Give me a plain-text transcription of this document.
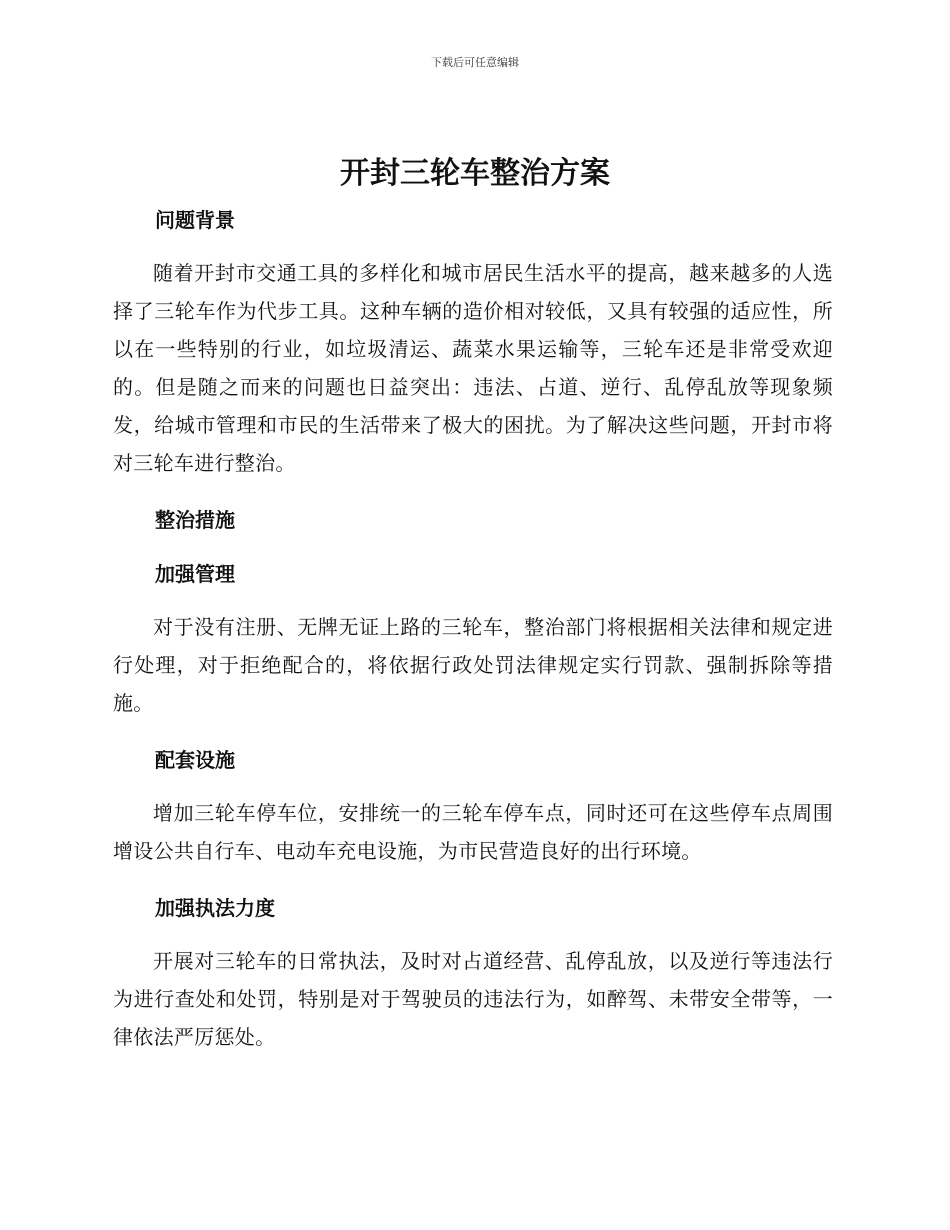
下载后可任意编辑
开封三轮车整治方案
问题背景

随着开封市交通工具的多样化和城市居民生活水平的提高，越来越多的人选择了三轮车作为代步工具。这种车辆的造价相对较低，又具有较强的适应性，所以在一些特别的行业，如垃圾清运、蔬菜水果运输等，三轮车还是非常受欢迎的。但是随之而来的问题也日益突出：违法、占道、逆行、乱停乱放等现象频发，给城市管理和市民的生活带来了极大的困扰。为了解决这些问题，开封市将对三轮车进行整治。

整治措施
加强管理

对于没有注册、无牌无证上路的三轮车，整治部门将根据相关法律和规定进行处理，对于拒绝配合的，将依据行政处罚法律规定实行罚款、强制拆除等措施。

配套设施

增加三轮车停车位，安排统一的三轮车停车点，同时还可在这些停车点周围增设公共自行车、电动车充电设施，为市民营造良好的出行环境。

加强执法力度

开展对三轮车的日常执法，及时对占道经营、乱停乱放，以及逆行等违法行为进行查处和处罚，特别是对于驾驶员的违法行为，如醉驾、未带安全带等，一律依法严厉惩处。
